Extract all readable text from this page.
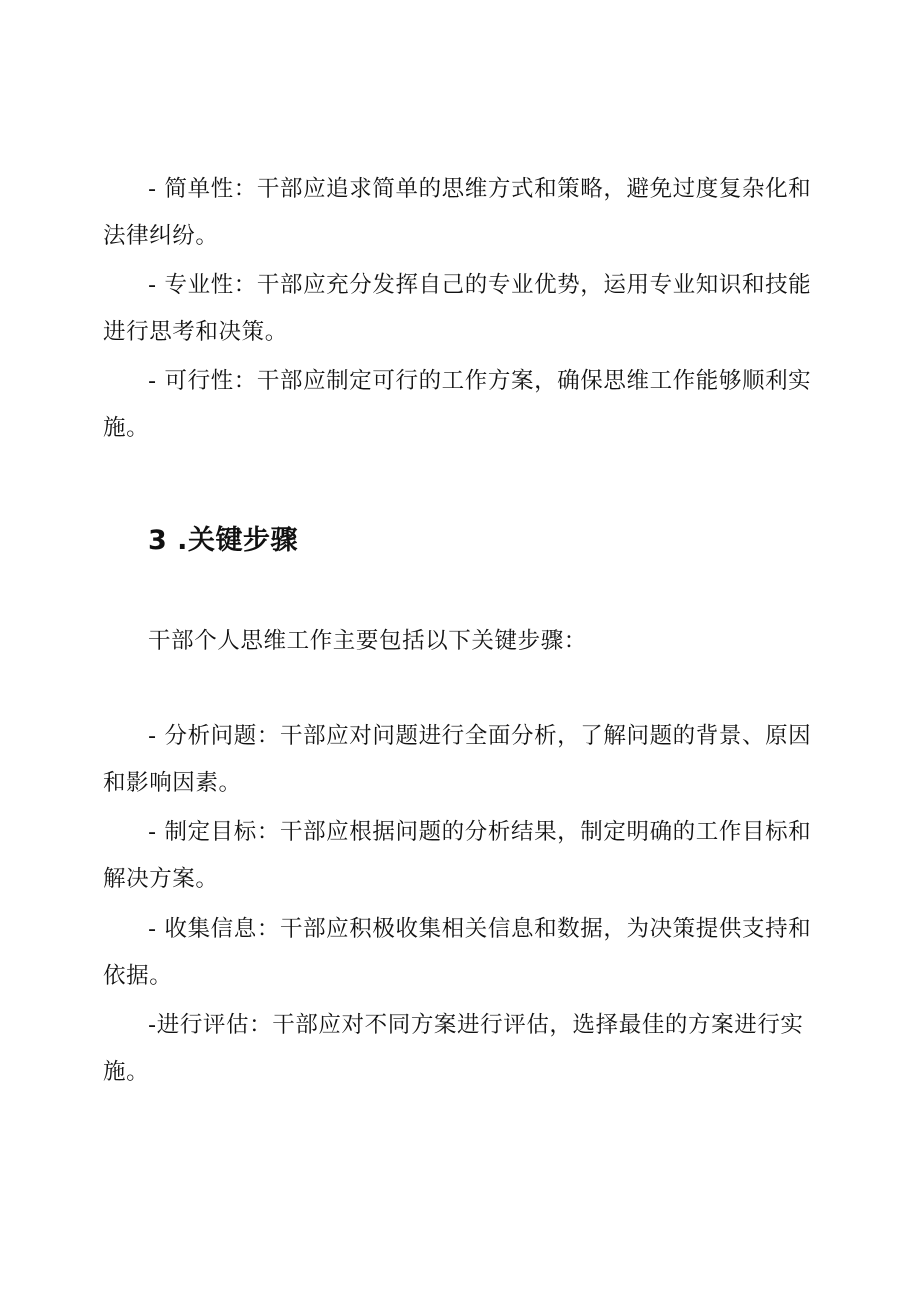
- 简单性：干部应追求简单的思维方式和策略，避免过度复杂化和法律纠纷。

- 专业性：干部应充分发挥自己的专业优势，运用专业知识和技能进行思考和决策。

- 可行性：干部应制定可行的工作方案，确保思维工作能够顺利实施。

3 .关键步骤

干部个人思维工作主要包括以下关键步骤：

- 分析问题：干部应对问题进行全面分析，了解问题的背景、原因和影响因素。

- 制定目标：干部应根据问题的分析结果，制定明确的工作目标和解决方案。

- 收集信息：干部应积极收集相关信息和数据，为决策提供支持和依据。

-进行评估：干部应对不同方案进行评估，选择最佳的方案进行实施。
